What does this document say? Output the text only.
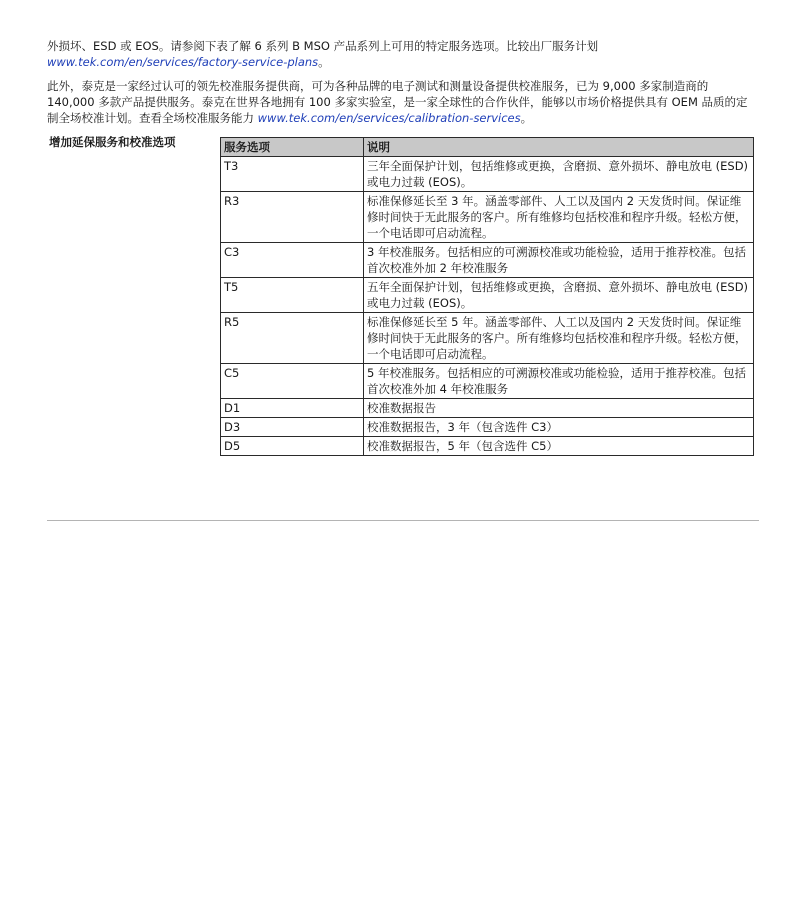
外损坏、ESD 或 EOS。请参阅下表了解 6 系列 B MSO 产品系列上可用的特定服务选项。比较出厂服务计划 www.tek.com/en/services/factory-service-plans。

此外，泰克是一家经过认可的领先校准服务提供商，可为各种品牌的电子测试和测量设备提供校准服务，已为 9,000 多家制造商的 140,000 多款产品提供服务。泰克在世界各地拥有 100 多家实验室，是一家全球性的合作伙伴，能够以市场价格提供具有 OEM 品质的定制全场校准计划。查看全场校准服务能力 www.tek.com/en/services/calibration-services。

增加延保服务和校准选项	服务选项	说明
T3	三年全面保护计划，包括维修或更换，含磨损、意外损坏、静电放电 (ESD) 或电力过载 (EOS)。
R3	标准保修延长至 3 年。涵盖零部件、人工以及国内 2 天发货时间。保证维修时间快于无此服务的客户。所有维修均包括校准和程序升级。轻松方便，一个电话即可启动流程。
C3	3 年校准服务。包括相应的可溯源校准或功能检验，适用于推荐校准。包括首次校准外加 2 年校准服务
T5	五年全面保护计划，包括维修或更换，含磨损、意外损坏、静电放电 (ESD) 或电力过载 (EOS)。
R5	标准保修延长至 5 年。涵盖零部件、人工以及国内 2 天发货时间。保证维修时间快于无此服务的客户。所有维修均包括校准和程序升级。轻松方便，一个电话即可启动流程。
C5	5 年校准服务。包括相应的可溯源校准或功能检验，适用于推荐校准。包括首次校准外加 4 年校准服务
D1	校准数据报告
D3	校准数据报告，3 年（包含选件 C3）
D5	校准数据报告，5 年（包含选件 C5）
